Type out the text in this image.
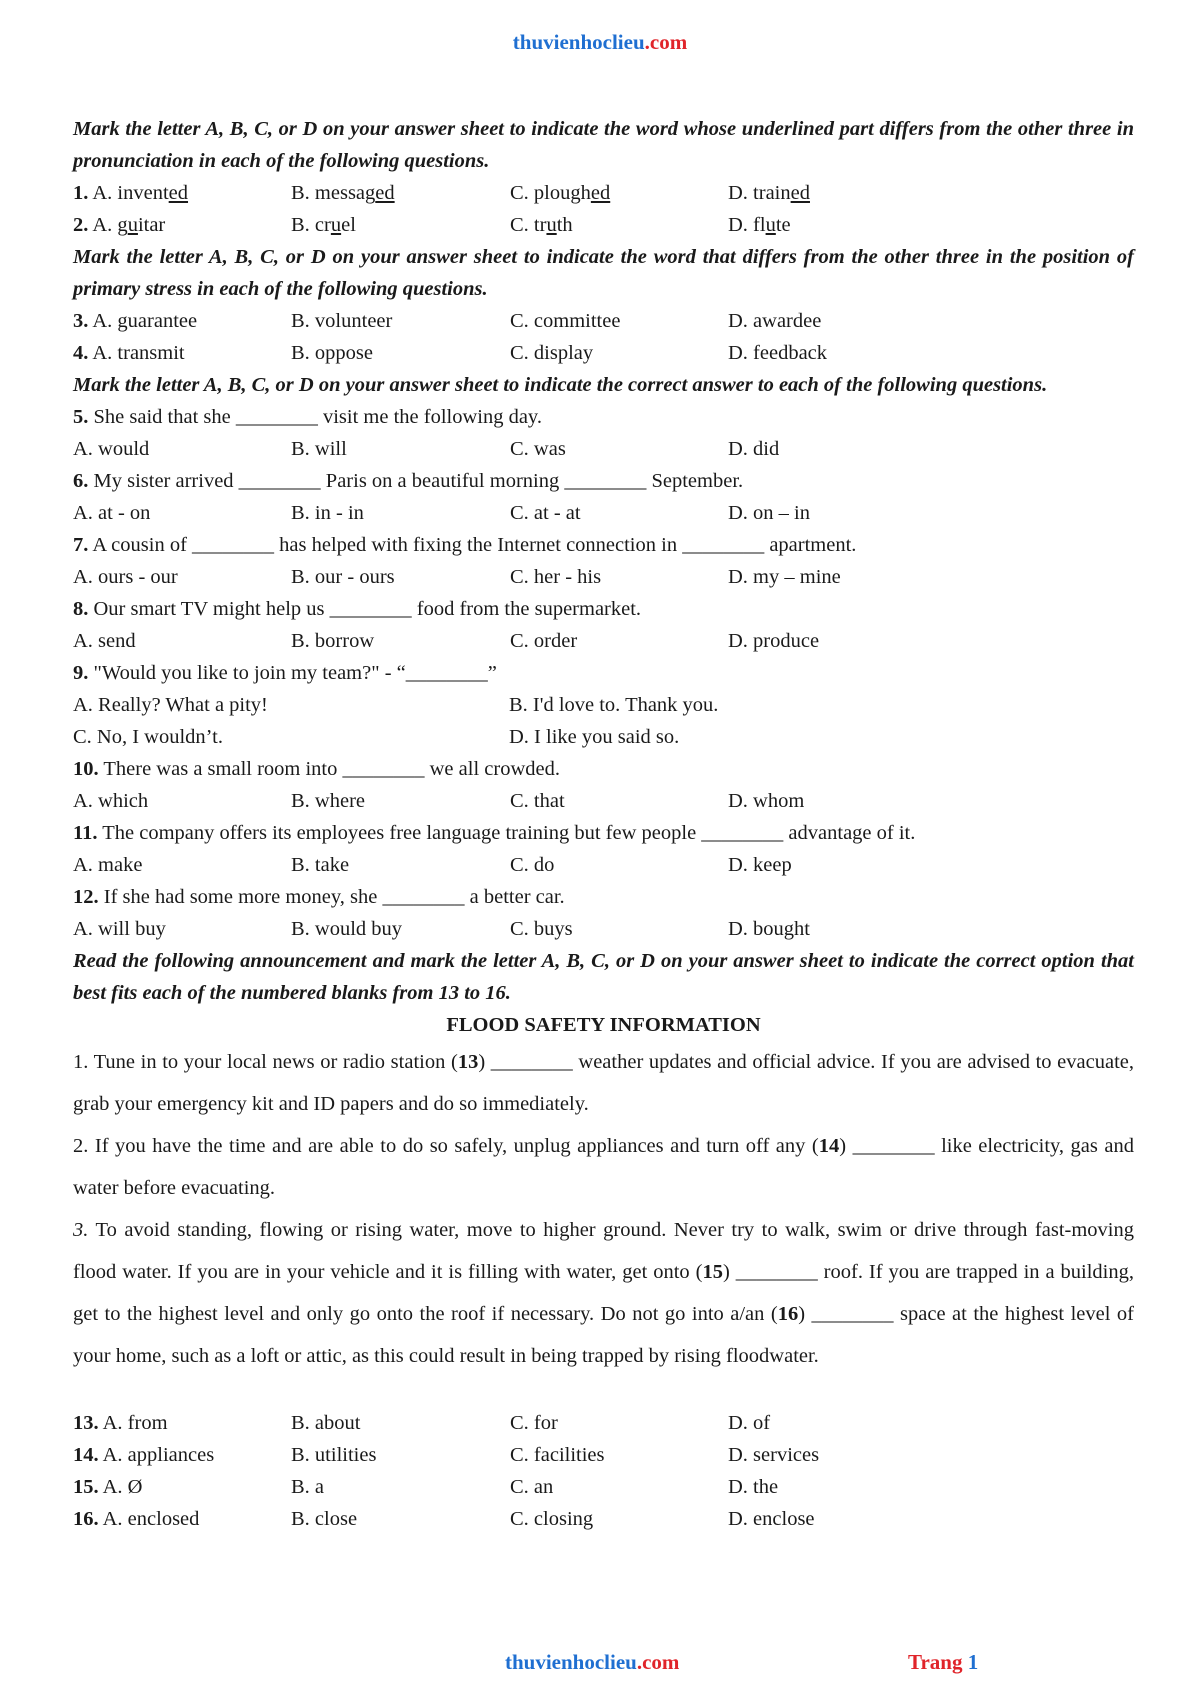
thuvienhoclieu.com
Mark the letter A, B, C, or D on your answer sheet to indicate the word whose underlined part differs from the other three in pronunciation in each of the following questions.
1. A. invented	B. messaged	C. ploughed	D. trained
2. A. guitar	B. cruel	C. truth	D. flute
Mark the letter A, B, C, or D on your answer sheet to indicate the word that differs from the other three in the position of primary stress in each of the following questions.
3. A. guarantee	B. volunteer	C. committee	D. awardee
4. A. transmit	B. oppose	C. display	D. feedback
Mark the letter A, B, C, or D on your answer sheet to indicate the correct answer to each of the following questions.
5. She said that she ________ visit me the following day.
A. would	B. will	C. was	D. did
6. My sister arrived ________ Paris on a beautiful morning ________ September.
A. at - on	B. in - in	C. at - at	D. on – in
7. A cousin of ________ has helped with fixing the Internet connection in ________ apartment.
A. ours - our	B. our - ours	C. her - his	D. my – mine
8. Our smart TV might help us ________ food from the supermarket.
A. send	B. borrow	C. order	D. produce
9. "Would you like to join my team?" - “________”
A. Really? What a pity!	B. I'd love to. Thank you.
C. No, I wouldn’t.	D. I like you said so.
10. There was a small room into ________ we all crowded.
A. which	B. where	C. that	D. whom
11. The company offers its employees free language training but few people ________ advantage of it.
A. make	B. take	C. do	D. keep
12. If she had some more money, she ________ a better car.
A. will buy	B. would buy	C. buys	D. bought
Read the following announcement and mark the letter A, B, C, or D on your answer sheet to indicate the correct option that best fits each of the numbered blanks from 13 to 16.
FLOOD SAFETY INFORMATION

1. Tune in to your local news or radio station (13) ________ weather updates and official advice. If you are advised to evacuate, grab your emergency kit and ID papers and do so immediately.

2. If you have the time and are able to do so safely, unplug appliances and turn off any (14) ________ like electricity, gas and water before evacuating.

3. To avoid standing, flowing or rising water, move to higher ground. Never try to walk, swim or drive through fast-moving flood water. If you are in your vehicle and it is filling with water, get onto (15) ________ roof. If you are trapped in a building, get to the highest level and only go onto the roof if necessary. Do not go into a/an (16) ________ space at the highest level of your home, such as a loft or attic, as this could result in being trapped by rising floodwater.

13. A. from	B. about	C. for	D. of
14. A. appliances	B. utilities	C. facilities	D. services
15. A. Ø	B. a	C. an	D. the
16. A. enclosed	B. close	C. closing	D. enclose
thuvienhoclieu.com	Trang 1
